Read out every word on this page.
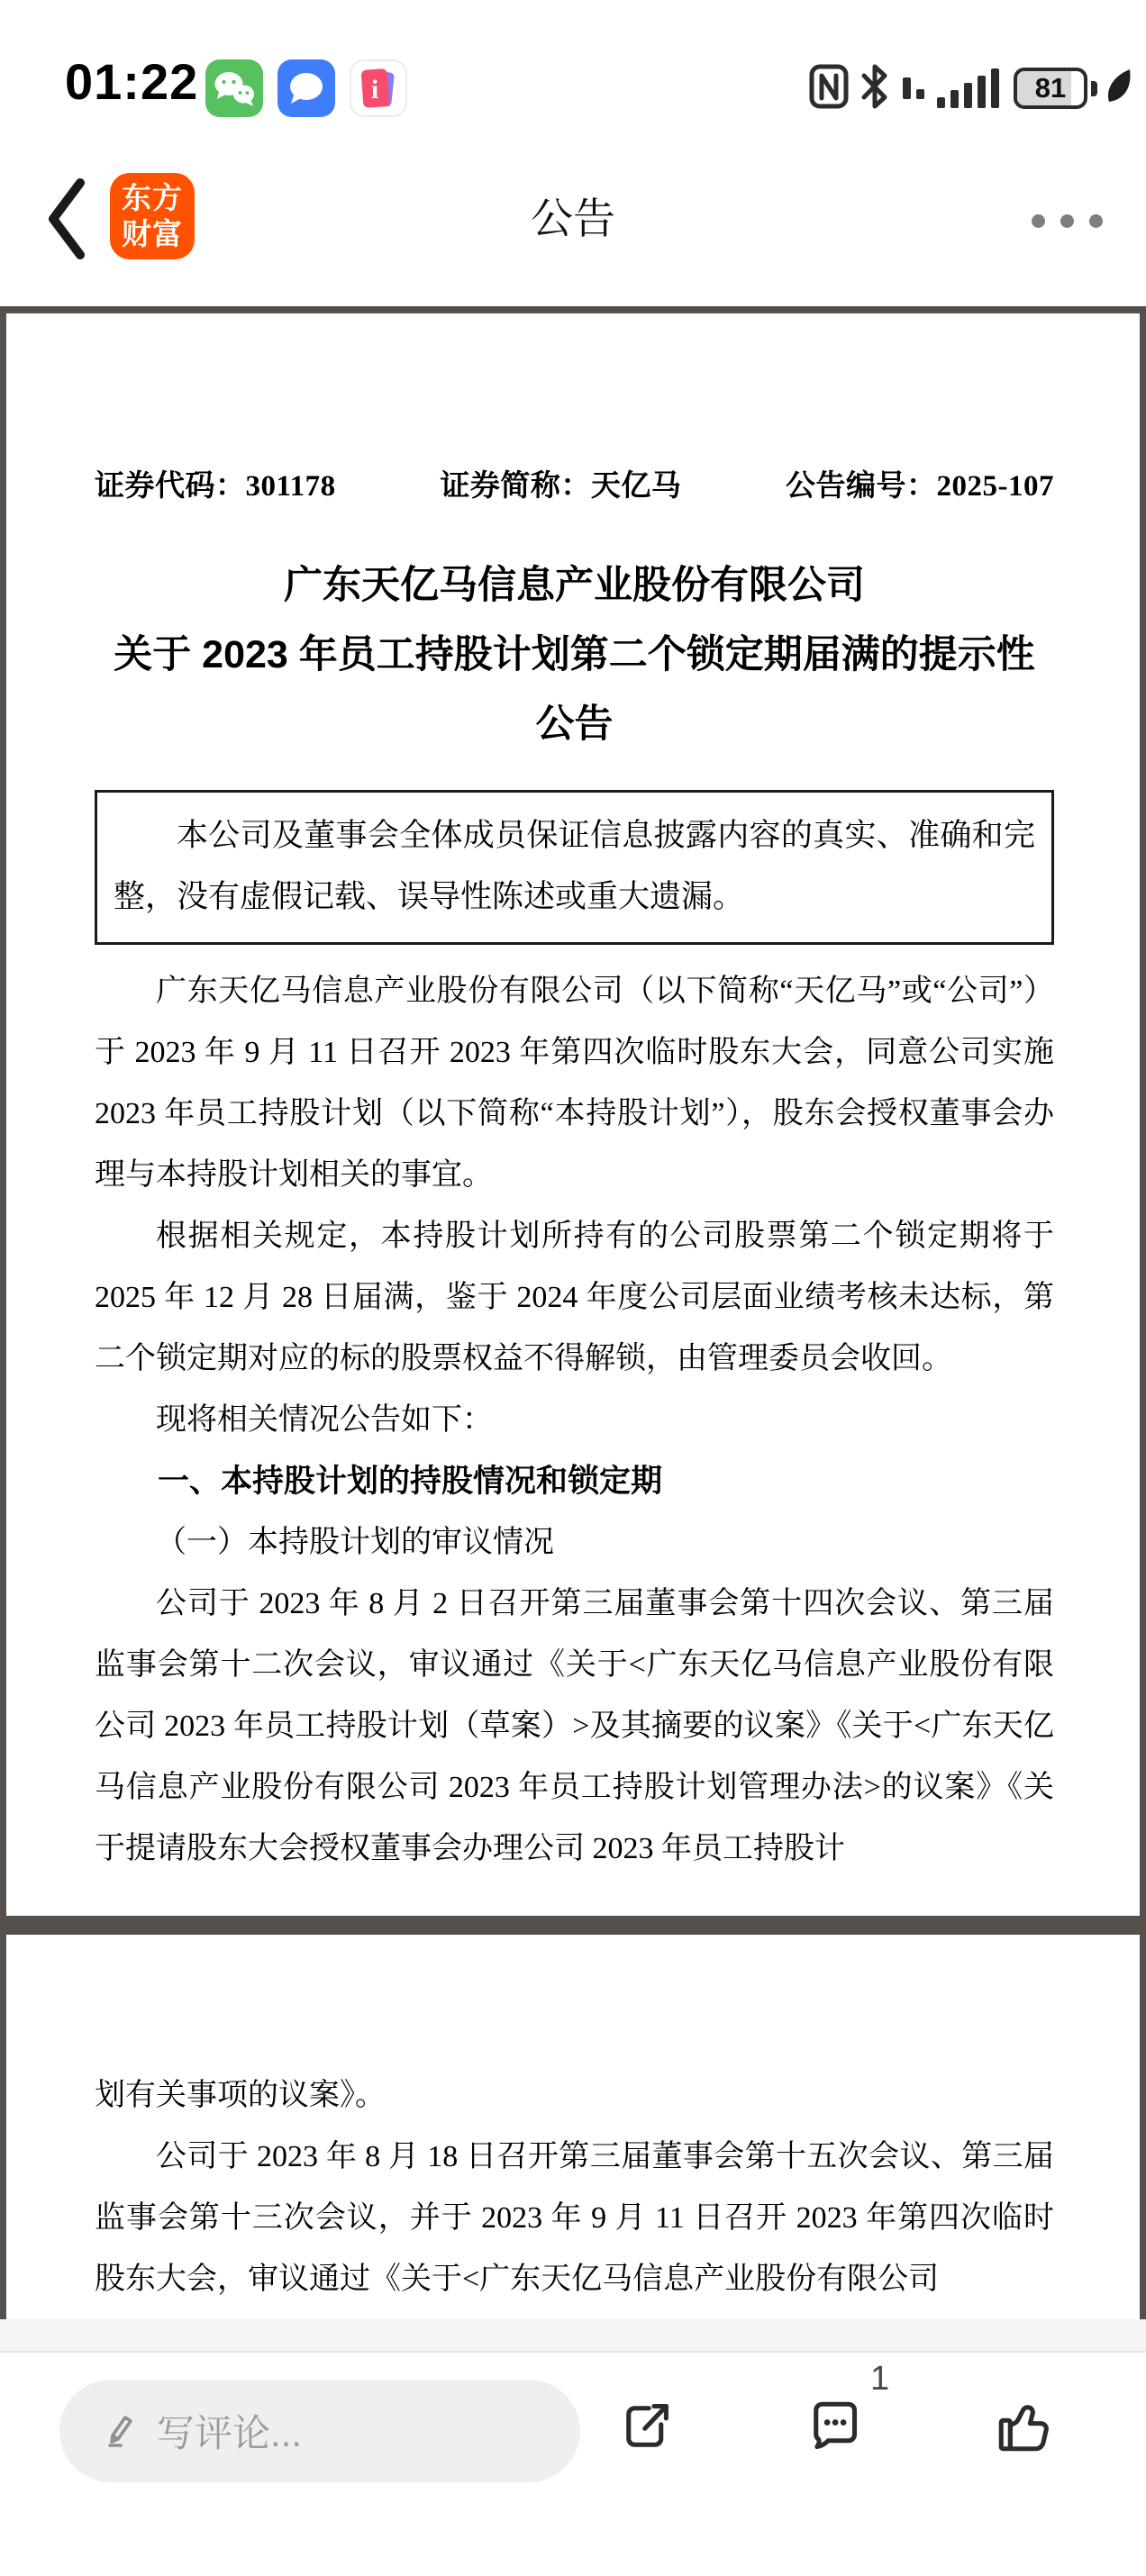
01:22	i	81
东方
财富	公告
证券代码：301178	证券简称：天亿马	公告编号：2025-107
广东天亿马信息产业股份有限公司
关于 2023 年员工持股计划第二个锁定期届满的提示性公告
本公司及董事会全体成员保证信息披露内容的真实、准确和完整，没有虚假记载、误导性陈述或重大遗漏。

广东天亿马信息产业股份有限公司（以下简称“天亿马”或“公司”）于 2023 年 9 月 11 日召开 2023 年第四次临时股东大会，同意公司实施 2023 年员工持股计划（以下简称“本持股计划”），股东会授权董事会办理与本持股计划相关的事宜。

根据相关规定，本持股计划所持有的公司股票第二个锁定期将于 2025 年 12 月 28 日届满，鉴于 2024 年度公司层面业绩考核未达标，第二个锁定期对应的标的股票权益不得解锁，由管理委员会收回。

现将相关情况公告如下：

一、本持股计划的持股情况和锁定期

（一）本持股计划的审议情况

公司于 2023 年 8 月 2 日召开第三届董事会第十四次会议、第三届监事会第十二次会议，审议通过《关于<广东天亿马信息产业股份有限公司 2023 年员工持股计划（草案）>及其摘要的议案》《关于<广东天亿马信息产业股份有限公司 2023 年员工持股计划管理办法>的议案》《关于提请股东大会授权董事会办理公司 2023 年员工持股计

划有关事项的议案》。

公司于 2023 年 8 月 18 日召开第三届董事会第十五次会议、第三届监事会第十三次会议，并于 2023 年 9 月 11 日召开 2023 年第四次临时股东大会，审议通过《关于<广东天亿马信息产业股份有限公司

写评论...
1
